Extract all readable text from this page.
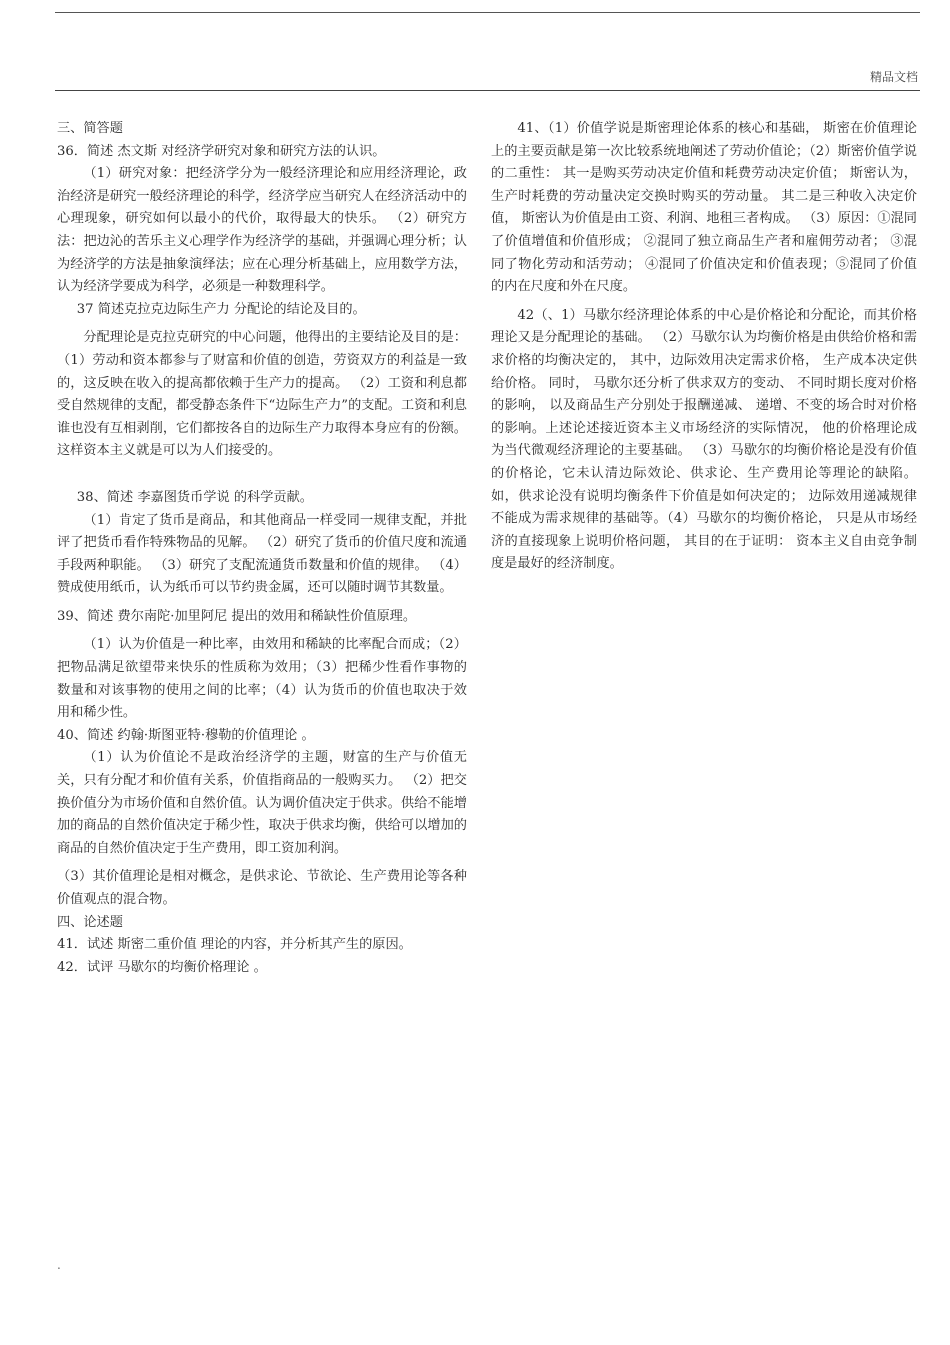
精品文档

三、简答题

36．简述 杰文斯 对经济学研究对象和研究方法的认识。

（1）研究对象：把经济学分为一般经济理论和应用经济理论，政治经济是研究一般经济理论的科学，经济学应当研究人在经济活动中的心理现象，研究如何以最小的代价，取得最大的快乐。 （2）研究方法：把边沁的苦乐主义心理学作为经济学的基础，并强调心理分析；认为经济学的方法是抽象演绎法；应在心理分析基础上，应用数学方法，认为经济学要成为科学，必须是一种数理科学。

37 简述克拉克边际生产力 分配论的结论及目的。

分配理论是克拉克研究的中心问题，他得出的主要结论及目的是：（1）劳动和资本都参与了财富和价值的创造，劳资双方的利益是一致的，这反映在收入的提高都依赖于生产力的提高。 （2）工资和利息都受自然规律的支配，都受静态条件下“边际生产力”的支配。工资和利息谁也没有互相剥削，它们都按各自的边际生产力取得本身应有的份额。这样资本主义就是可以为人们接受的。

38、简述 李嘉图货币学说 的科学贡献。

（1）肯定了货币是商品，和其他商品一样受同一规律支配，并批评了把货币看作特殊物品的见解。 （2）研究了货币的价值尺度和流通手段两种职能。 （3）研究了支配流通货币数量和价值的规律。 （4）赞成使用纸币，认为纸币可以节约贵金属，还可以随时调节其数量。

39、简述 费尔南陀·加里阿尼 提出的效用和稀缺性价值原理。

（1）认为价值是一种比率，由效用和稀缺的比率配合而成；（2）把物品满足欲望带来快乐的性质称为效用；（3）把稀少性看作事物的数量和对该事物的使用之间的比率；（4）认为货币的价值也取决于效用和稀少性。

40、简述 约翰·斯图亚特·穆勒的价值理论 。

（1）认为价值论不是政治经济学的主题，财富的生产与价值无关，只有分配才和价值有关系，价值指商品的一般购买力。 （2）把交换价值分为市场价值和自然价值。认为调价值决定于供求。供给不能增加的商品的自然价值决定于稀少性，取决于供求均衡，供给可以增加的商品的自然价值决定于生产费用，即工资加利润。

（3）其价值理论是相对概念，是供求论、节欲论、生产费用论等各种价值观点的混合物。

四、论述题

41．试述 斯密二重价值 理论的内容，并分析其产生的原因。

42．试评 马歇尔的均衡价格理论 。

41、（1）价值学说是斯密理论体系的核心和基础， 斯密在价值理论上的主要贡献是第一次比较系统地阐述了劳动价值论；（2）斯密价值学说的二重性： 其一是购买劳动决定价值和耗费劳动决定价值； 斯密认为， 生产时耗费的劳动量决定交换时购买的劳动量。 其二是三种收入决定价值， 斯密认为价值是由工资、利润、地租三者构成。 （3）原因：①混同了价值增值和价值形成； ②混同了独立商品生产者和雇佣劳动者； ③混同了物化劳动和活劳动； ④混同了价值决定和价值表现；⑤混同了价值的内在尺度和外在尺度。

42（、1）马歇尔经济理论体系的中心是价格论和分配论，而其价格理论又是分配理论的基础。 （2）马歇尔认为均衡价格是由供给价格和需求价格的均衡决定的， 其中，边际效用决定需求价格， 生产成本决定供给价格。 同时， 马歇尔还分析了供求双方的变动、 不同时期长度对价格的影响， 以及商品生产分别处于报酬递减、 递增、不变的场合时对价格的影响。上述论述接近资本主义市场经济的实际情况， 他的价格理论成为当代微观经济理论的主要基础。 （3）马歇尔的均衡价格论是没有价值的价格论，它未认清边际效论、供求论、生产费用论等理论的缺陷。 如，供求论没有说明均衡条件下价值是如何决定的； 边际效用递减规律不能成为需求规律的基础等。（4）马歇尔的均衡价格论， 只是从市场经济的直接现象上说明价格问题， 其目的在于证明： 资本主义自由竞争制度是最好的经济制度。

.
